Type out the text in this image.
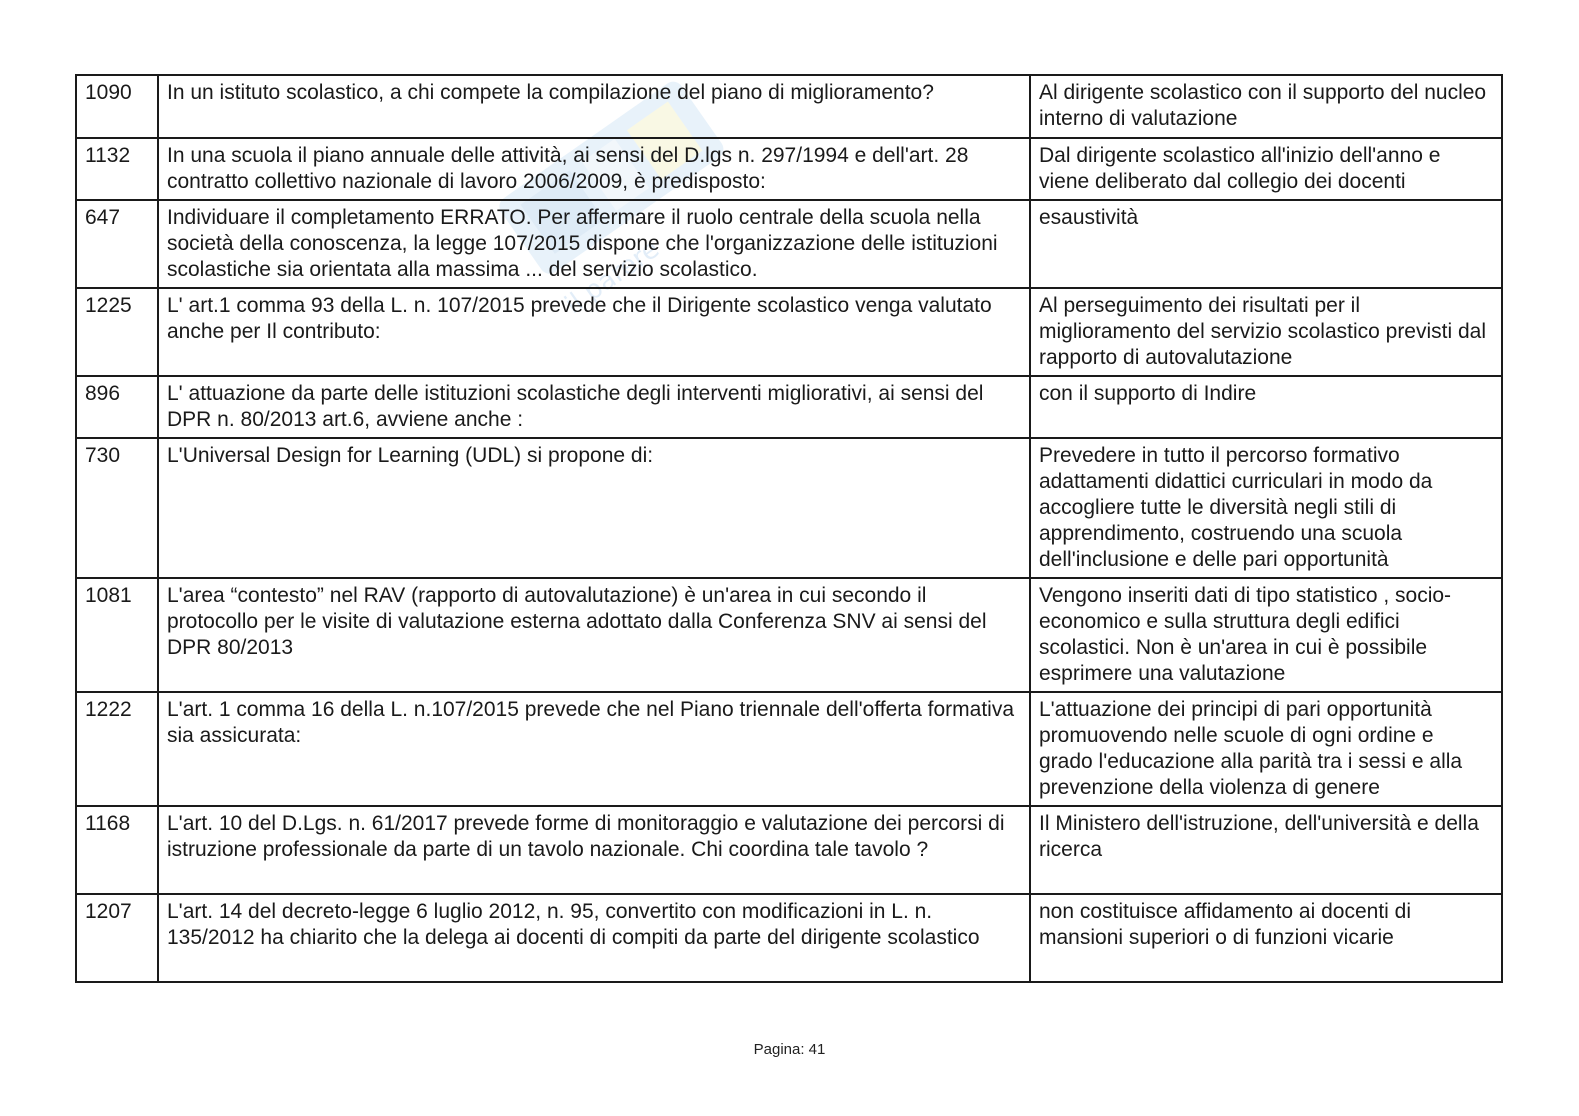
il parere
1090	In un istituto scolastico, a chi compete la compilazione del piano di miglioramento?	Al dirigente scolastico con il supporto del nucleo interno di valutazione
1132	In una scuola il piano annuale delle attività, ai sensi del D.lgs n. 297/1994 e dell'art. 28 contratto collettivo nazionale di lavoro 2006/2009, è predisposto:	Dal dirigente scolastico all'inizio dell'anno e viene deliberato dal collegio dei docenti
647	Individuare il completamento ERRATO. Per affermare il ruolo centrale della scuola nella società della conoscenza, la legge 107/2015 dispone che l'organizzazione delle istituzioni scolastiche sia orientata alla massima ... del servizio scolastico.	esaustività
1225	L' art.1 comma 93 della L. n. 107/2015 prevede che il Dirigente scolastico venga valutato anche per Il contributo:	Al perseguimento dei risultati per il miglioramento del servizio scolastico previsti dal rapporto di autovalutazione
896	L' attuazione da parte delle istituzioni scolastiche degli interventi migliorativi, ai sensi del DPR n. 80/2013 art.6, avviene anche :	con il supporto di Indire
730	L'Universal Design for Learning (UDL) si propone di:	Prevedere in tutto il percorso formativo adattamenti didattici curriculari in modo da accogliere tutte le diversità negli stili di apprendimento, costruendo una scuola dell'inclusione e delle pari opportunità
1081	L'area “contesto” nel RAV (rapporto di autovalutazione) è un'area in cui secondo il protocollo per le visite di valutazione esterna adottato dalla Conferenza SNV ai sensi del DPR 80/2013	Vengono inseriti dati di tipo statistico , socio-economico e sulla struttura degli edifici scolastici. Non è un'area in cui è possibile esprimere una valutazione
1222	L'art. 1 comma 16 della L. n.107/2015 prevede che nel Piano triennale dell'offerta formativa sia assicurata:	L'attuazione dei principi di pari opportunità promuovendo nelle scuole di ogni ordine e grado l'educazione alla parità tra i sessi e alla prevenzione della violenza di genere
1168	L'art. 10 del D.Lgs. n. 61/2017 prevede forme di monitoraggio e valutazione dei percorsi di istruzione professionale da parte di un tavolo nazionale. Chi coordina tale tavolo ?	Il Ministero dell'istruzione, dell'università e della ricerca
1207	L'art. 14 del decreto-legge 6 luglio 2012, n. 95, convertito con modificazioni in L. n. 135/2012 ha chiarito che la delega ai docenti di compiti da parte del dirigente scolastico	non costituisce affidamento ai docenti di mansioni superiori o di funzioni vicarie
Pagina: 41
